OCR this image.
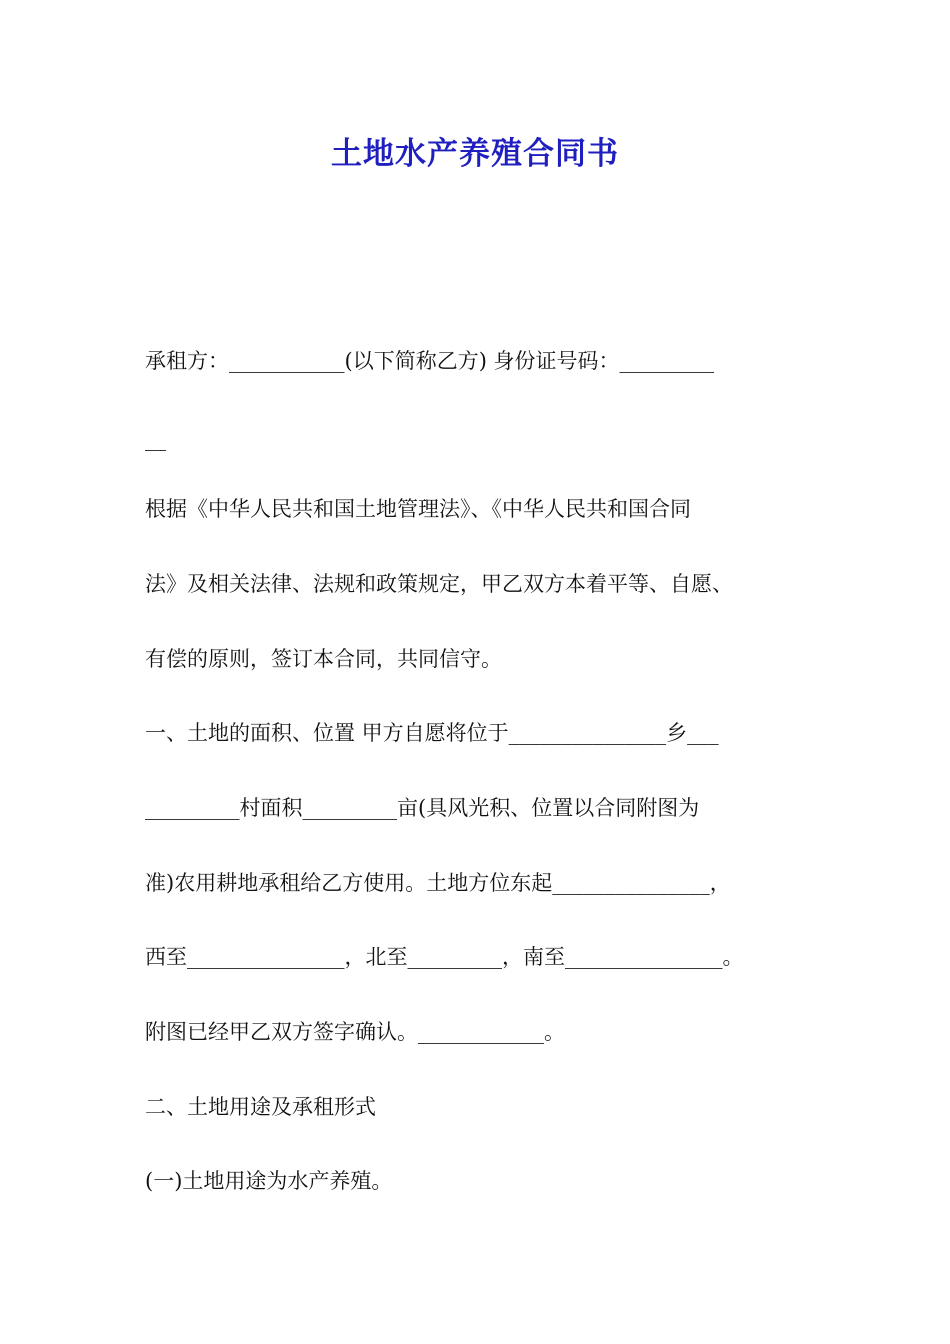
土地水产养殖合同书
承租方：___________(以下简称乙方) 身份证号码：_________
__
根据《中华人民共和国土地管理法》、《中华人民共和国合同
法》及相关法律、法规和政策规定，甲乙双方本着平等、自愿、
有偿的原则，签订本合同，共同信守。
一、土地的面积、位置 甲方自愿将位于_______________乡___
_________村面积_________亩(具风光积、位置以合同附图为
准)农用耕地承租给乙方使用。土地方位东起_______________，
西至_______________，北至_________，南至_______________。
附图已经甲乙双方签字确认。____________。
二、土地用途及承租形式
(一)土地用途为水产养殖。
